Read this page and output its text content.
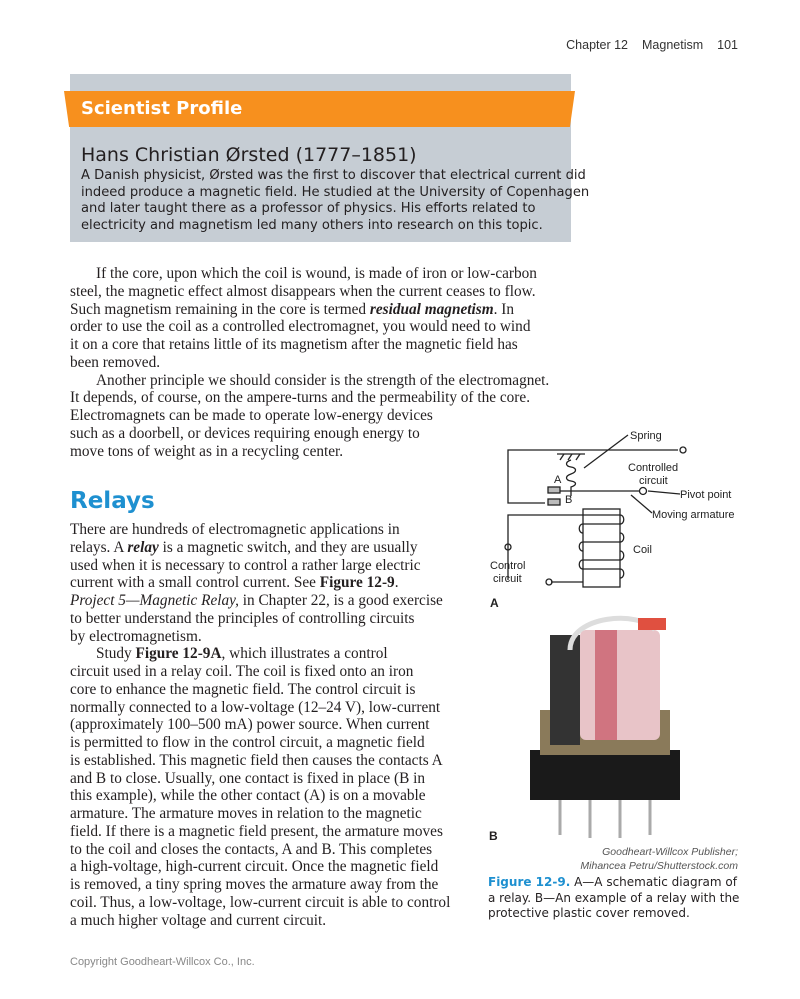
Chapter 12 Magnetism 101
Scientist Profile
Hans Christian Ørsted (1777–1851)
A Danish physicist, Ørsted was the first to discover that electrical current did
indeed produce a magnetic field. He studied at the University of Copenhagen
and later taught there as a professor of physics. His efforts related to
electricity and magnetism led many others into research on this topic.
If the core, upon which the coil is wound, is made of iron or low-carbon
steel, the magnetic effect almost disappears when the current ceases to flow.
Such magnetism remaining in the core is termed residual magnetism. In
order to use the coil as a controlled electromagnet, you would need to wind
it on a core that retains little of its magnetism after the magnetic field has
been removed.
Another principle we should consider is the strength of the electromagnet.
It depends, of course, on the ampere-turns and the permeability of the core.
Electromagnets can be made to operate low-energy devices
such as a doorbell, or devices requiring enough energy to
move tons of weight as in a recycling center.
Relays
There are hundreds of electromagnetic applications in
relays. A relay is a magnetic switch, and they are usually
used when it is necessary to control a rather large electric
current with a small control current. See Figure 12-9.
Project 5—Magnetic Relay, in Chapter 22, is a good exercise
to better understand the principles of controlling circuits
by electromagnetism.
Study Figure 12-9A, which illustrates a control
circuit used in a relay coil. The coil is fixed onto an iron
core to enhance the magnetic field. The control circuit is
normally connected to a low-voltage (12–24 V), low-current
(approximately 100–500 mA) power source. When current
is permitted to flow in the control circuit, a magnetic field
is established. This magnetic field then causes the contacts A
and B to close. Usually, one contact is fixed in place (B in
this example), while the other contact (A) is on a movable
armature. The armature moves in relation to the magnetic
field. If there is a magnetic field present, the armature moves
to the coil and closes the contacts, A and B. This completes
a high-voltage, high-current circuit. Once the magnetic field
is removed, a tiny spring moves the armature away from the
coil. Thus, a low-voltage, low-current circuit is able to control
a much higher voltage and current circuit.
Spring
Controlled
circuit
Pivot point
Moving armature
Coil
Control
circuit
A
B
A
B
Goodheart-Willcox Publisher;
Mihancea Petru/Shutterstock.com
Figure 12-9. A—A schematic diagram of a relay. B—An example of a relay with the protective plastic cover removed.
Copyright Goodheart-Willcox Co., Inc.
